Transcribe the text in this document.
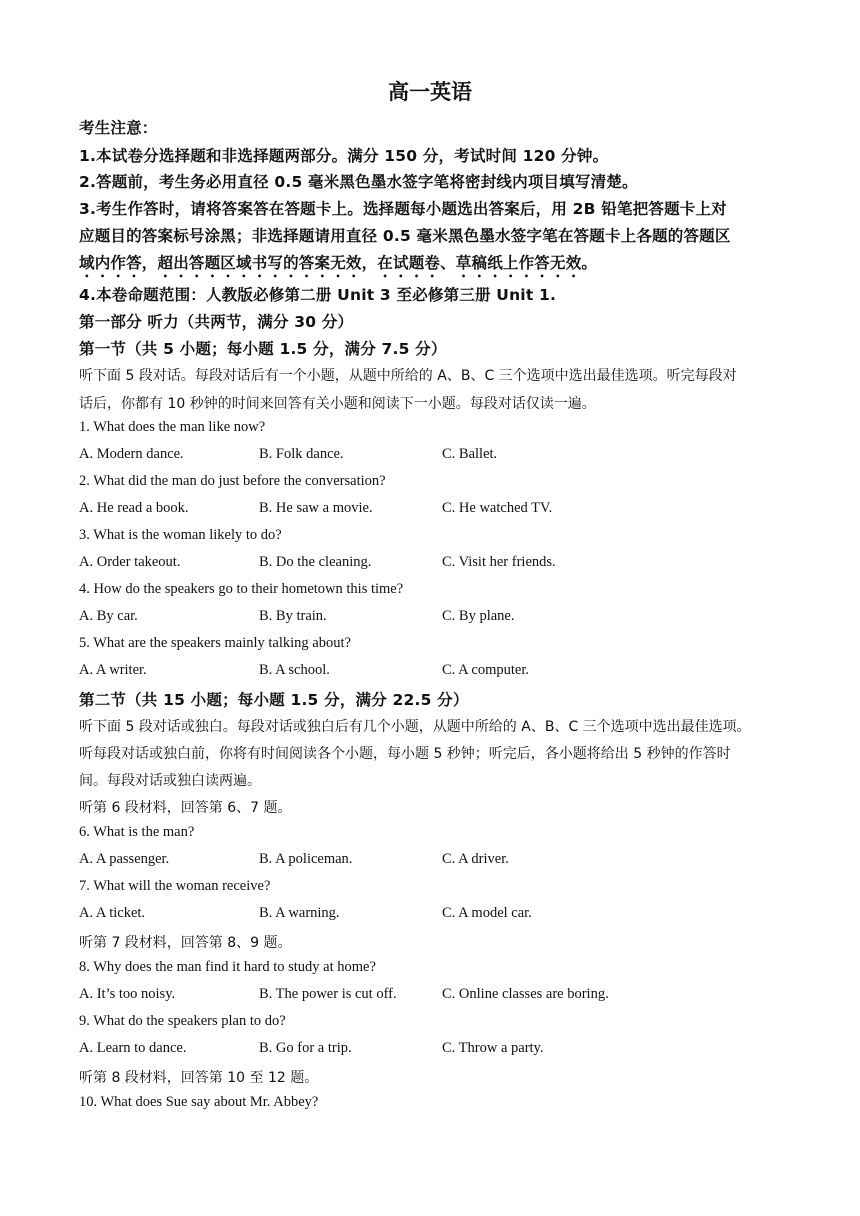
高一英语
考生注意：
1.本试卷分选择题和非选择题两部分。满分 150 分，考试时间 120 分钟。
2.答题前，考生务必用直径 0.5 毫米黑色墨水签字笔将密封线内项目填写清楚。
3.考生作答时，请将答案答在答题卡上。选择题每小题选出答案后，用 2B 铅笔把答题卡上对
应题目的答案标号涂黑；非选择题请用直径 0.5 毫米黑色墨水签字笔在答题卡上各题的答题区
域内作答，超出答题区域书写的答案无效，在试题卷、草稿纸上作答无效。
4.本卷命题范围：人教版必修第二册 Unit 3 至必修第三册 Unit 1.
第一部分 听力（共两节，满分 30 分）
第一节（共 5 小题；每小题 1.5 分，满分 7.5 分）
听下面 5 段对话。每段对话后有一个小题，从题中所给的 A、B、C 三个选项中选出最佳选项。听完每段对
话后，你都有 10 秒钟的时间来回答有关小题和阅读下一小题。每段对话仅读一遍。
1. What does the man like now?
A. Modern dance.	B. Folk dance.	C. Ballet.
2. What did the man do just before the conversation?
A. He read a book.	B. He saw a movie.	C. He watched TV.
3. What is the woman likely to do?
A. Order takeout.	B. Do the cleaning.	C. Visit her friends.
4. How do the speakers go to their hometown this time?
A. By car.	B. By train.	C. By plane.
5. What are the speakers mainly talking about?
A. A writer.	B. A school.	C. A computer.
第二节（共 15 小题；每小题 1.5 分，满分 22.5 分）
听下面 5 段对话或独白。每段对话或独白后有几个小题，从题中所给的 A、B、C 三个选项中选出最佳选项。
听每段对话或独白前，你将有时间阅读各个小题，每小题 5 秒钟；听完后，各小题将给出 5 秒钟的作答时
间。每段对话或独白读两遍。
听第 6 段材料，回答第 6、7 题。
6. What is the man?
A. A passenger.	B. A policeman.	C. A driver.
7. What will the woman receive?
A. A ticket.	B. A warning.	C. A model car.
听第 7 段材料，回答第 8、9 题。
8. Why does the man find it hard to study at home?
A. It’s too noisy.	B. The power is cut off.	C. Online classes are boring.
9. What do the speakers plan to do?
A. Learn to dance.	B. Go for a trip.	C. Throw a party.
听第 8 段材料，回答第 10 至 12 题。
10. What does Sue say about Mr. Abbey?
